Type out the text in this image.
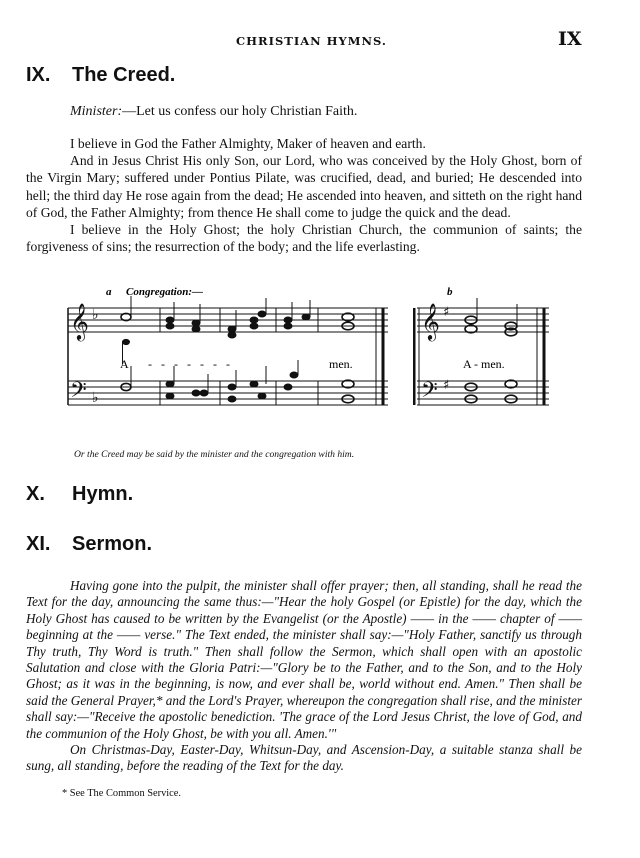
CHRISTIAN HYMNS.	IX
IX. The Creed.
Minister:—Let us confess our holy Christian Faith.

I believe in God the Father Almighty, Maker of heaven and earth.

And in Jesus Christ His only Son, our Lord, who was conceived by the Holy Ghost, born of the Virgin Mary; suffered under Pontius Pilate, was crucified, dead, and buried; He descended into hell; the third day He rose again from the dead; He ascended into heaven, and sitteth on the right hand of God, the Father Almighty; from thence He shall come to judge the quick and the dead.

I believe in the Holy Ghost; the holy Christian Church, the communion of saints; the forgiveness of sins; the resurrection of the body; and the life everlasting.

𝄞
𝄢
♭
♭
a Congregation:—
A -   -   -   -   -   -   -	men.
𝄞
𝄢
♯
♯
b
A - men.
Or the Creed may be said by the minister and the congregation with him.
X. Hymn.
XI. Sermon.

Having gone into the pulpit, the minister shall offer prayer; then, all standing, shall he read the Text for the day, announcing the same thus:—"Hear the holy Gospel (or Epistle) for the day, which the Holy Ghost has caused to be written by the Evangelist (or the Apostle) —— in the —— chapter of —— beginning at the —— verse." The Text ended, the minister shall say:—"Holy Father, sanctify us through Thy truth, Thy Word is truth." Then shall follow the Sermon, which shall open with an apostolic Salutation and close with the Gloria Patri:—"Glory be to the Father, and to the Son, and to the Holy Ghost; as it was in the beginning, is now, and ever shall be, world without end. Amen." Then shall be said the General Prayer,* and the Lord's Prayer, whereupon the congregation shall rise, and the minister shall say:—"Receive the apostolic benediction. 'The grace of the Lord Jesus Christ, the love of God, and the communion of the Holy Ghost, be with you all. Amen.'"

On Christmas-Day, Easter-Day, Whitsun-Day, and Ascension-Day, a suitable stanza shall be sung, all standing, before the reading of the Text for the day.

* See The Common Service.
